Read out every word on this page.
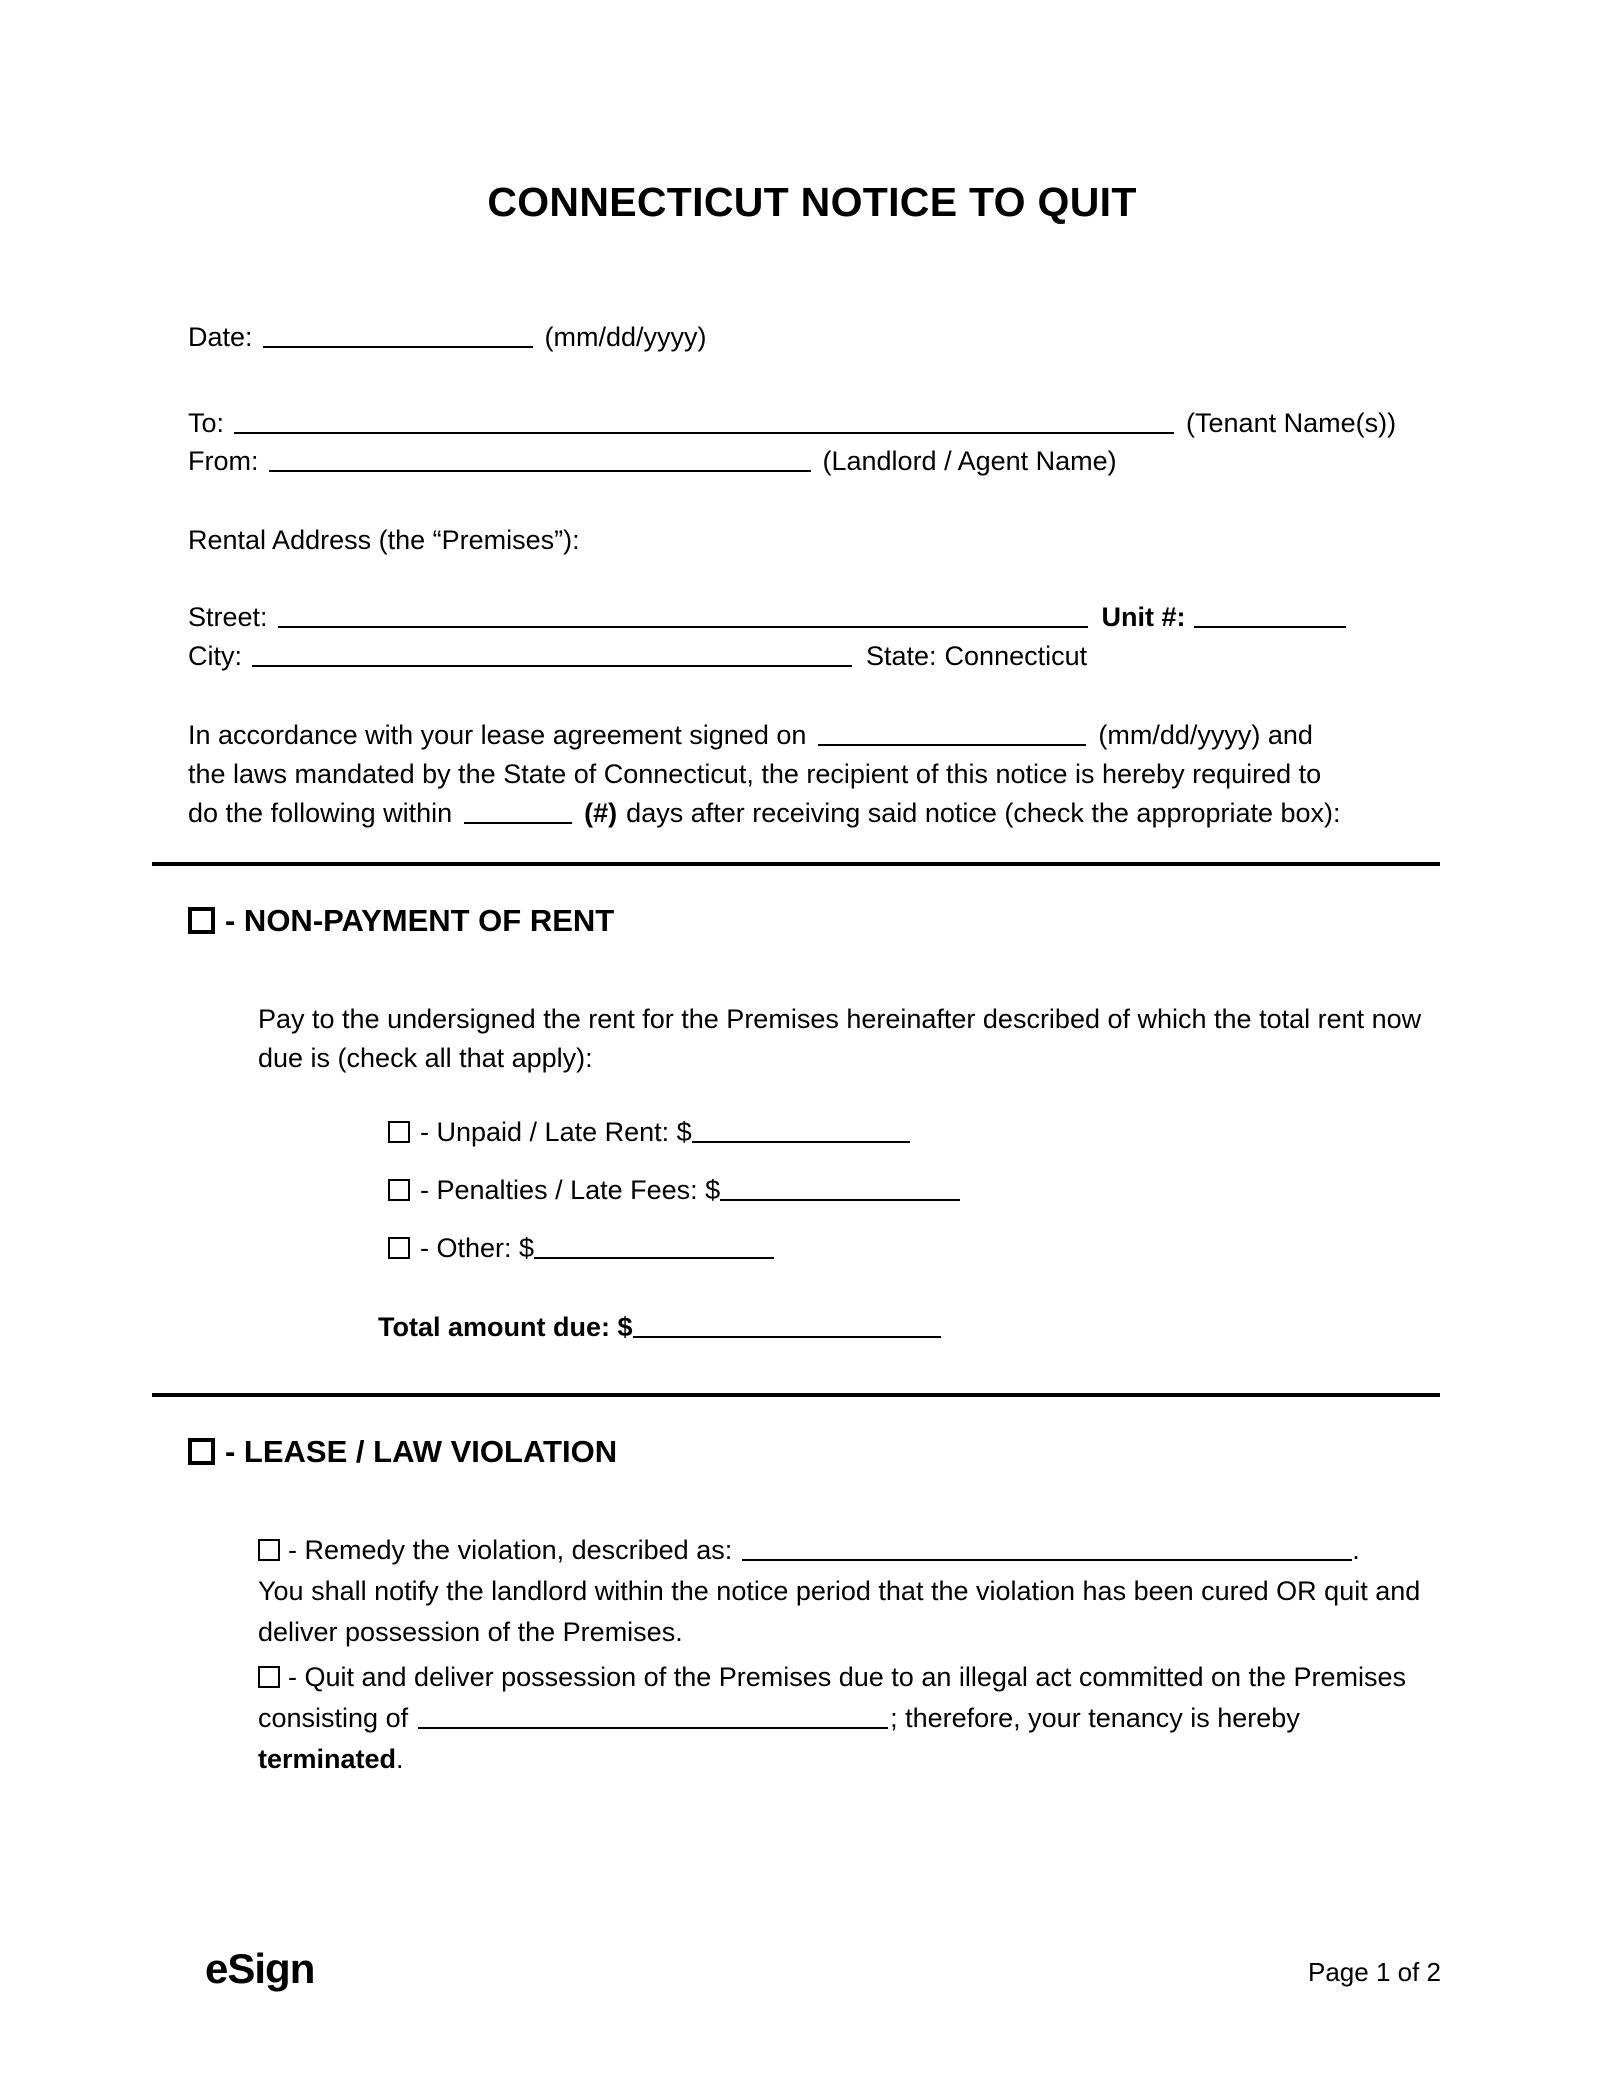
CONNECTICUT NOTICE TO QUIT
Date:	(mm/dd/yyyy)
To:	(Tenant Name(s))
From:	(Landlord / Agent Name)
Rental Address (the “Premises”):
Street:	Unit #:
City:	State: Connecticut
In accordance with your lease agreement signed on	(mm/dd/yyyy) and
the laws mandated by the State of Connecticut, the recipient of this notice is hereby required to
do the following within	(#) days after receiving said notice (check the appropriate box):
- NON-PAYMENT OF RENT
Pay to the undersigned the rent for the Premises hereinafter described of which the total rent now due is (check all that apply):
- Unpaid / Late Rent: $
- Penalties / Late Fees: $
- Other: $
Total amount due: $
- LEASE / LAW VIOLATION
- Remedy the violation, described as:	.
You shall notify the landlord within the notice period that the violation has been cured OR quit and deliver possession of the Premises.
- Quit and deliver possession of the Premises due to an illegal act committed on the Premises consisting of	; therefore, your tenancy is hereby terminated.
eSign	Page 1 of 2
